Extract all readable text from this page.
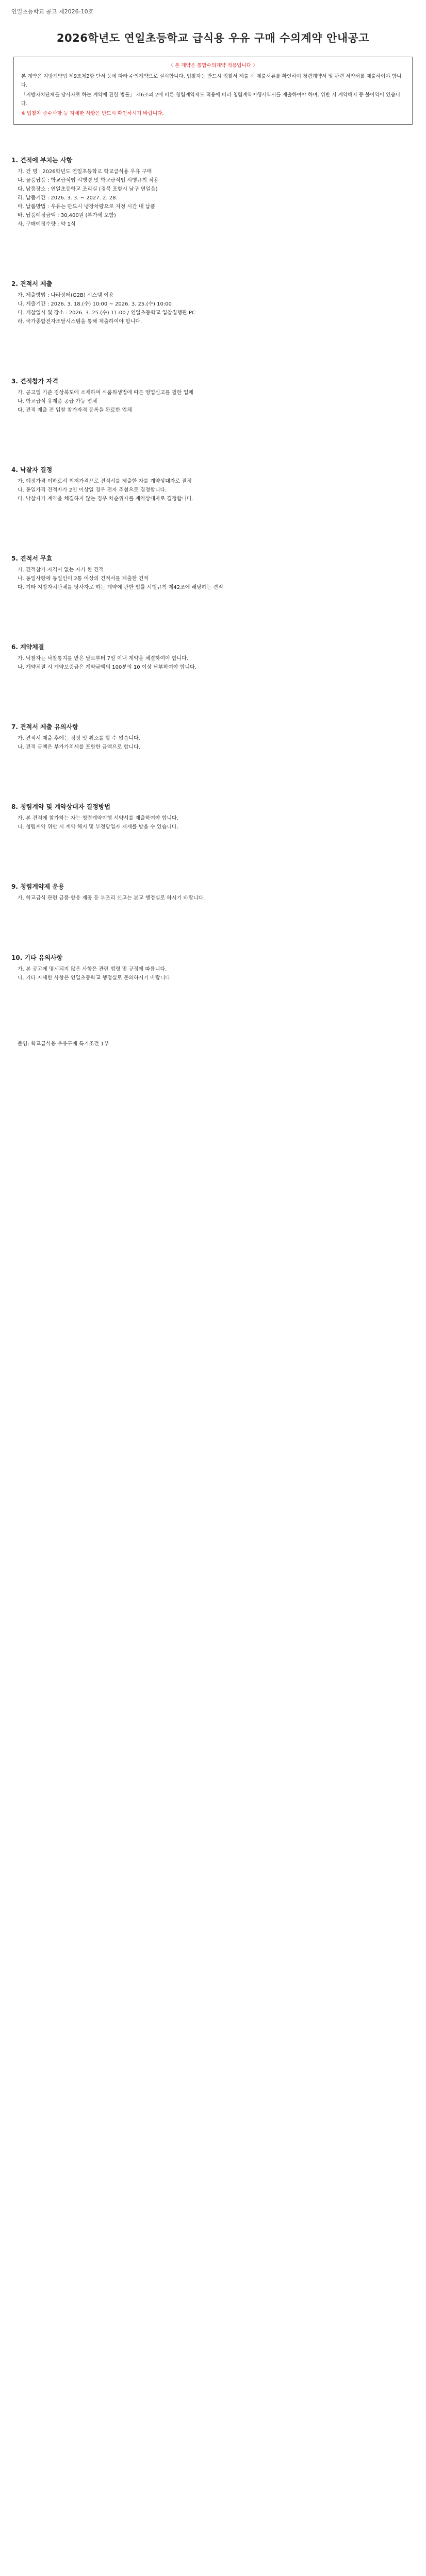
연일초등학교 공고 제2026-10호
2026학년도 연일초등학교 급식용 우유 구매 수의계약 안내공고
〈 본 계약은 통합수의계약 적용입니다 〉

본 계약은 지방계약법 제9조제2항 단서 등에 따라 수의계약으로 실시합니다. 입찰자는 반드시 입찰서 제출 시 제출서류를 확인하여 청렴계약서 및 관련 서약서를 제출하여야 합니다.

「지방자치단체를 당사자로 하는 계약에 관한 법률」 제6조의 2에 따른 청렴계약제도 적용에 따라 청렴계약이행서약서를 제출하여야 하며, 위반 시 계약해지 등 불이익이 있습니다.

※ 입찰자 준수사항 등 자세한 사항은 반드시 확인하시기 바랍니다.

1. 견적에 부치는 사항
가. 건 명 : 2026학년도 연일초등학교 학교급식용 우유 구매
나. 물품납품 : 학교급식법 시행령 및 학교급식법 시행규칙 적용
다. 납품장소 : 연일초등학교 조리실 (경북 포항시 남구 연일읍)
라. 납품기간 : 2026. 3. 3. ~ 2027. 2. 28.
마. 납품방법 : 우유는 반드시 냉장차량으로 지정 시간 내 납품
바. 납품예정금액 : 30,400원 (부가세 포함)
사. 구매예정수량 : 약 1식
2. 견적서 제출
가. 제출방법 : 나라장터(G2B) 시스템 이용
나. 제출기간 : 2026. 3. 18.(수) 10:00 ~ 2026. 3. 25.(수) 10:00
다. 개찰일시 및 장소 : 2026. 3. 25.(수) 11:00 / 연일초등학교 입찰집행관 PC
라. 국가종합전자조달시스템을 통해 제출하여야 합니다.
3. 견적참가 자격
가. 공고일 기준 경상북도에 소재하며 식품위생법에 따른 영업신고를 필한 업체
나. 학교급식 유제품 공급 가능 업체
다. 견적 제출 전 입찰 참가자격 등록을 완료한 업체
4. 낙찰자 결정
가. 예정가격 이하로서 최저가격으로 견적서를 제출한 자를 계약상대자로 결정
나. 동일가격 견적자가 2인 이상일 경우 전자 추첨으로 결정합니다.
다. 낙찰자가 계약을 체결하지 않는 경우 차순위자를 계약상대자로 결정합니다.
5. 견적서 무효
가. 견적참가 자격이 없는 자가 한 견적
나. 동일사항에 동일인이 2통 이상의 견적서를 제출한 견적
다. 기타 지방자치단체를 당사자로 하는 계약에 관한 법률 시행규칙 제42조에 해당하는 견적
6. 계약체결
가. 낙찰자는 낙찰통지를 받은 날로부터 7일 이내 계약을 체결하여야 합니다.
나. 계약체결 시 계약보증금은 계약금액의 100분의 10 이상 납부하여야 합니다.
7. 견적서 제출 유의사항
가. 견적서 제출 후에는 정정 및 취소를 할 수 없습니다.
나. 견적 금액은 부가가치세를 포함한 금액으로 합니다.
8. 청렴계약 및 계약상대자 결정방법
가. 본 견적에 참가하는 자는 청렴계약이행 서약서를 제출하여야 합니다.
나. 청렴계약 위반 시 계약 해지 및 부정당업자 제재를 받을 수 있습니다.
9. 청렴계약제 운용
가. 학교급식 관련 금품·향응 제공 등 부조리 신고는 본교 행정실로 하시기 바랍니다.
10. 기타 유의사항
가. 본 공고에 명시되지 않은 사항은 관련 법령 및 규정에 따릅니다.
나. 기타 자세한 사항은 연일초등학교 행정실로 문의하시기 바랍니다.
붙임: 학교급식용 우유구매 특기조건 1부
